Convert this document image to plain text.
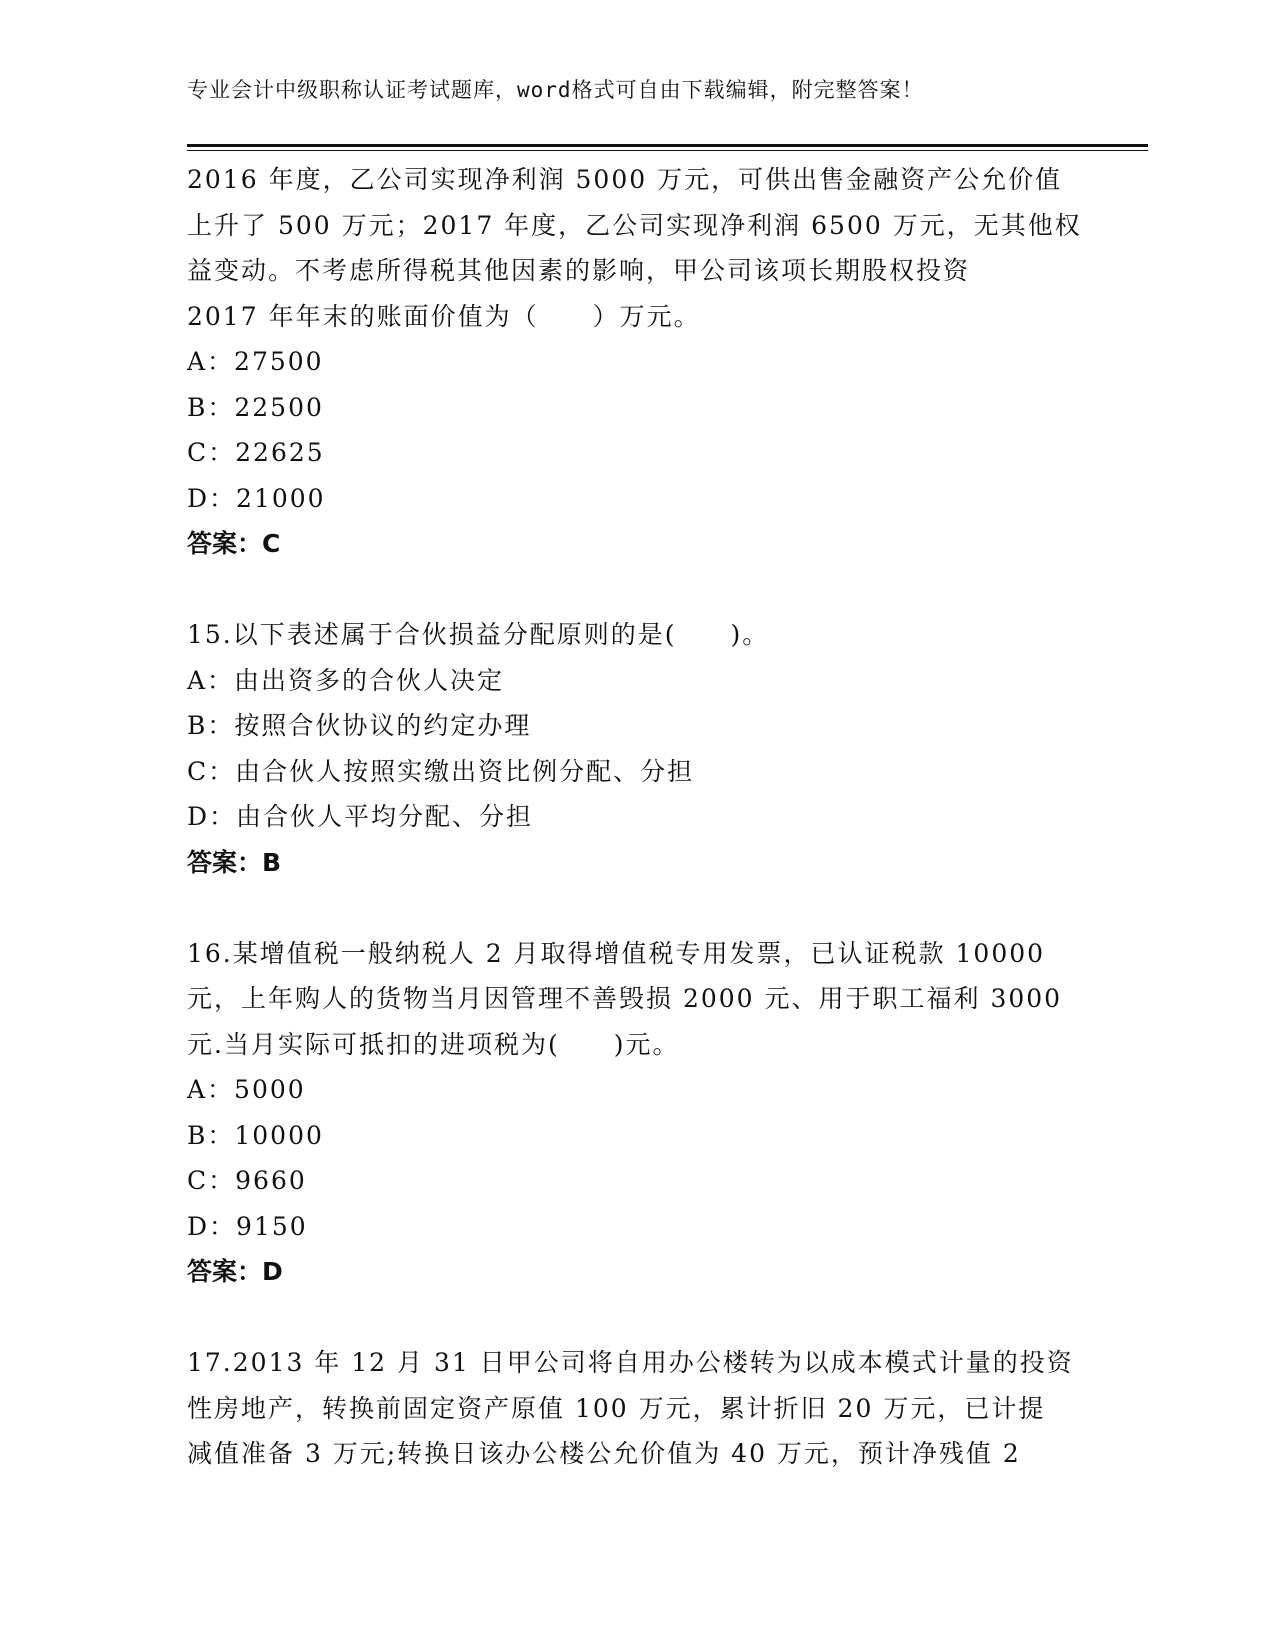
专业会计中级职称认证考试题库，word格式可自由下载编辑，附完整答案！
2016 年度，乙公司实现净利润 5000 万元，可供出售金融资产公允价值
上升了 500 万元；2017 年度，乙公司实现净利润 6500 万元，无其他权
益变动。不考虑所得税其他因素的影响，甲公司该项长期股权投资
2017 年年末的账面价值为（　　）万元。
A：27500
B：22500
C：22625
D：21000
答案：C
15.以下表述属于合伙损益分配原则的是(　　)。
A：由出资多的合伙人决定
B：按照合伙协议的约定办理
C：由合伙人按照实缴出资比例分配、分担
D：由合伙人平均分配、分担
答案：B
16.某增值税一般纳税人 2 月取得增值税专用发票，已认证税款 10000
元，上年购人的货物当月因管理不善毁损 2000 元、用于职工福利 3000
元.当月实际可抵扣的进项税为(　　)元。
A：5000
B：10000
C：9660
D：9150
答案：D
17.2013 年 12 月 31 日甲公司将自用办公楼转为以成本模式计量的投资
性房地产，转换前固定资产原值 100 万元，累计折旧 20 万元，已计提
减值准备 3 万元;转换日该办公楼公允价值为 40 万元，预计净残值 2
